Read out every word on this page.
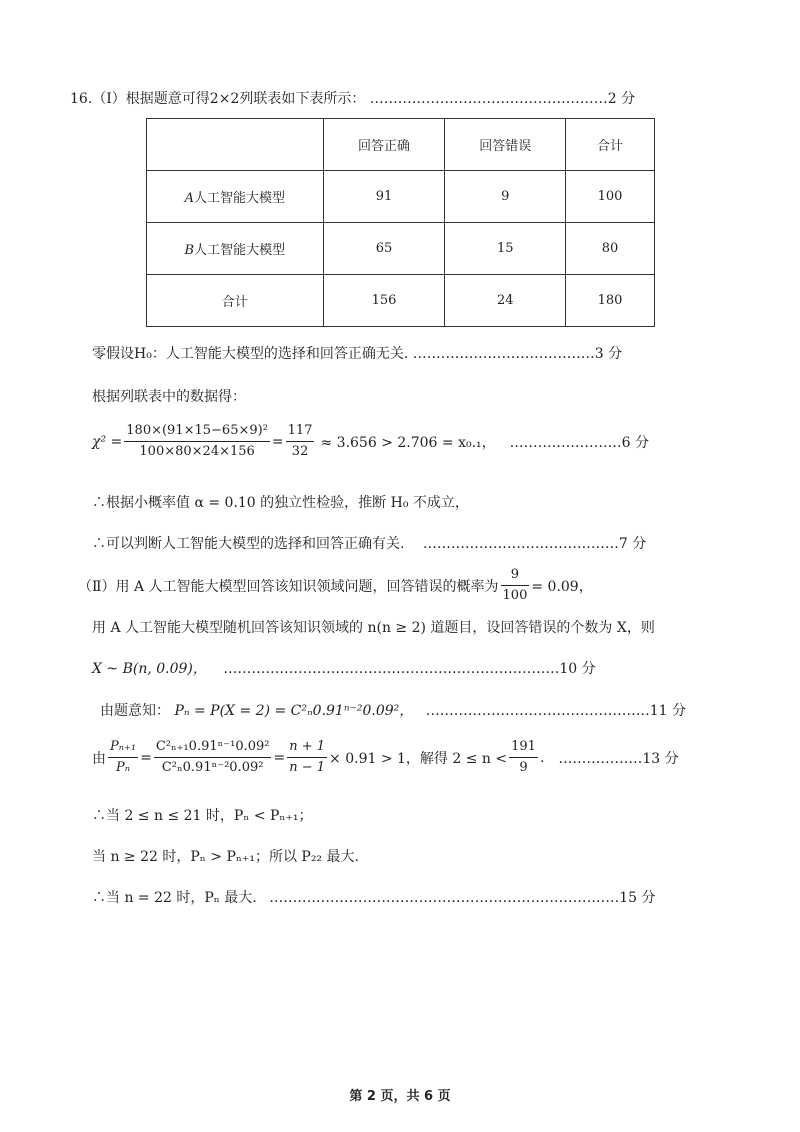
16.（Ⅰ）根据题意可得2×2列联表如下表所示： ……………………………………………2 分
	回答正确	回答错误	合计
A人工智能大模型	91	9	100
B人工智能大模型	65	15	80
合计	156	24	180
零假设H₀：人工智能大模型的选择和回答正确无关. …………………………………3 分
根据列联表中的数据得：
$\chi^2 = \frac{\text{180×(91×15−65×9)²}}{100\times 80\times 24\times 156} = \frac{117}{32} \approx 3.656 > 2.706 = x_0._1$， ……………………6 分
∴根据小概率值 α = 0.10 的独立性检验，推断 H₀ 不成立，
∴可以判断人工智能大模型的选择和回答正确有关. ……………………………………7 分
（Ⅱ）用 A 人工智能大模型回答该知识领域问题，回答错误的概率为 $\frac{9}{100} = 0.09$，
用 A 人工智能大模型随机回答该知识领域的 n(n ≥ 2) 道题目，设回答错误的个数为 X，则
X ~ B(n, 0.09)， ………………………………………………………………10 分
由题意知： Pₙ = P(X = 2) = C²ₙ0.91ⁿ⁻²0.09²， …………………………………………11 分
由 $\frac{\text{Pₙ₊₁}}{\text{Pₙ}} = \frac{\text{C²ₙ₊₁0.91ⁿ⁻¹0.09²}}{\text{C²ₙ0.91ⁿ⁻²0.09²}} = \frac{n + 1}{n - 1} \times 0.91 > 1$，解得 $2 \le n < \frac{191}{9}$ . ………………13 分
∴当 2 ≤ n ≤ 21 时，Pₙ < Pₙ₊₁；
当 n ≥ 22 时，Pₙ > Pₙ₊₁；所以 P₂₂ 最大.
∴当 n = 22 时，Pₙ 最大. …………………………………………………………………15 分
第 2 页，共 6 页
